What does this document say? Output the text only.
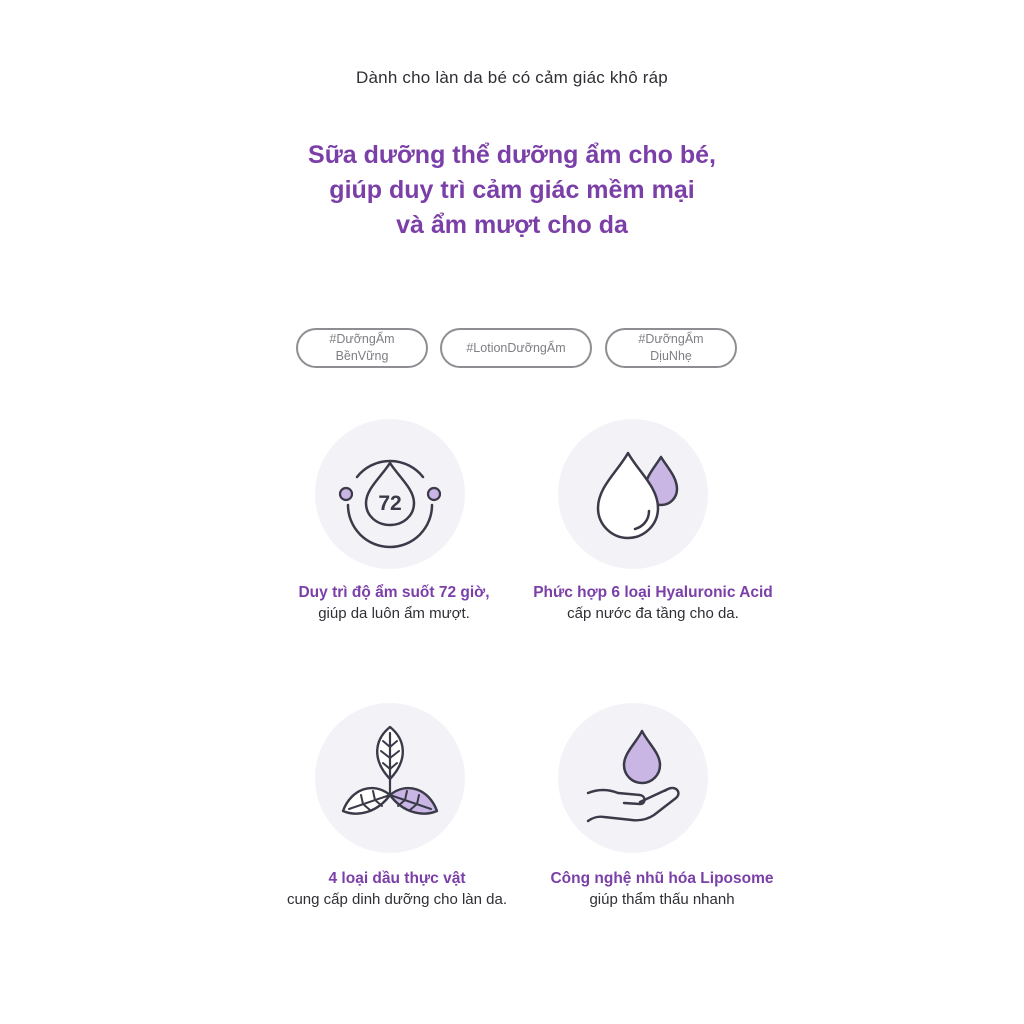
Dành cho làn da bé có cảm giác khô ráp
Sữa dưỡng thể dưỡng ẩm cho bé,
giúp duy trì cảm giác mềm mại
và ẩm mượt cho da
#DưỡngẨm
BềnVững
#LotionDưỡngẨm
#DưỡngẨm
DịuNhẹ
72
Duy trì độ ẩm suốt 72 giờ,
giúp da luôn ẩm mượt.
Phức hợp 6 loại Hyaluronic Acid
cấp nước đa tầng cho da.
4 loại dầu thực vật
cung cấp dinh dưỡng cho làn da.
Công nghệ nhũ hóa Liposome
giúp thẩm thấu nhanh
